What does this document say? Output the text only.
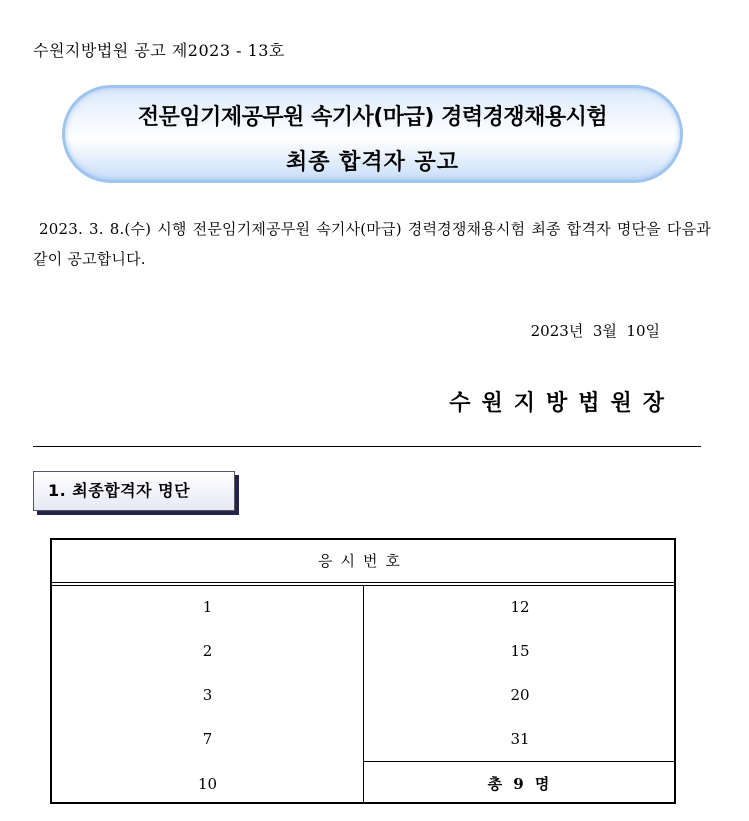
수원지방법원 공고 제2023 - 13호
전문임기제공무원 속기사(마급) 경력경쟁채용시험
최종 합격자 공고
2023. 3. 8.(수) 시행 전문임기제공무원 속기사(마급) 경력경쟁채용시험 최종 합격자 명단을 다음과 같이 공고합니다.
2023년  3월  10일
수원지방법원장
1. 최종합격자 명단
응시번호
1
2
3
7
10
12
15
20
31
총 9 명
